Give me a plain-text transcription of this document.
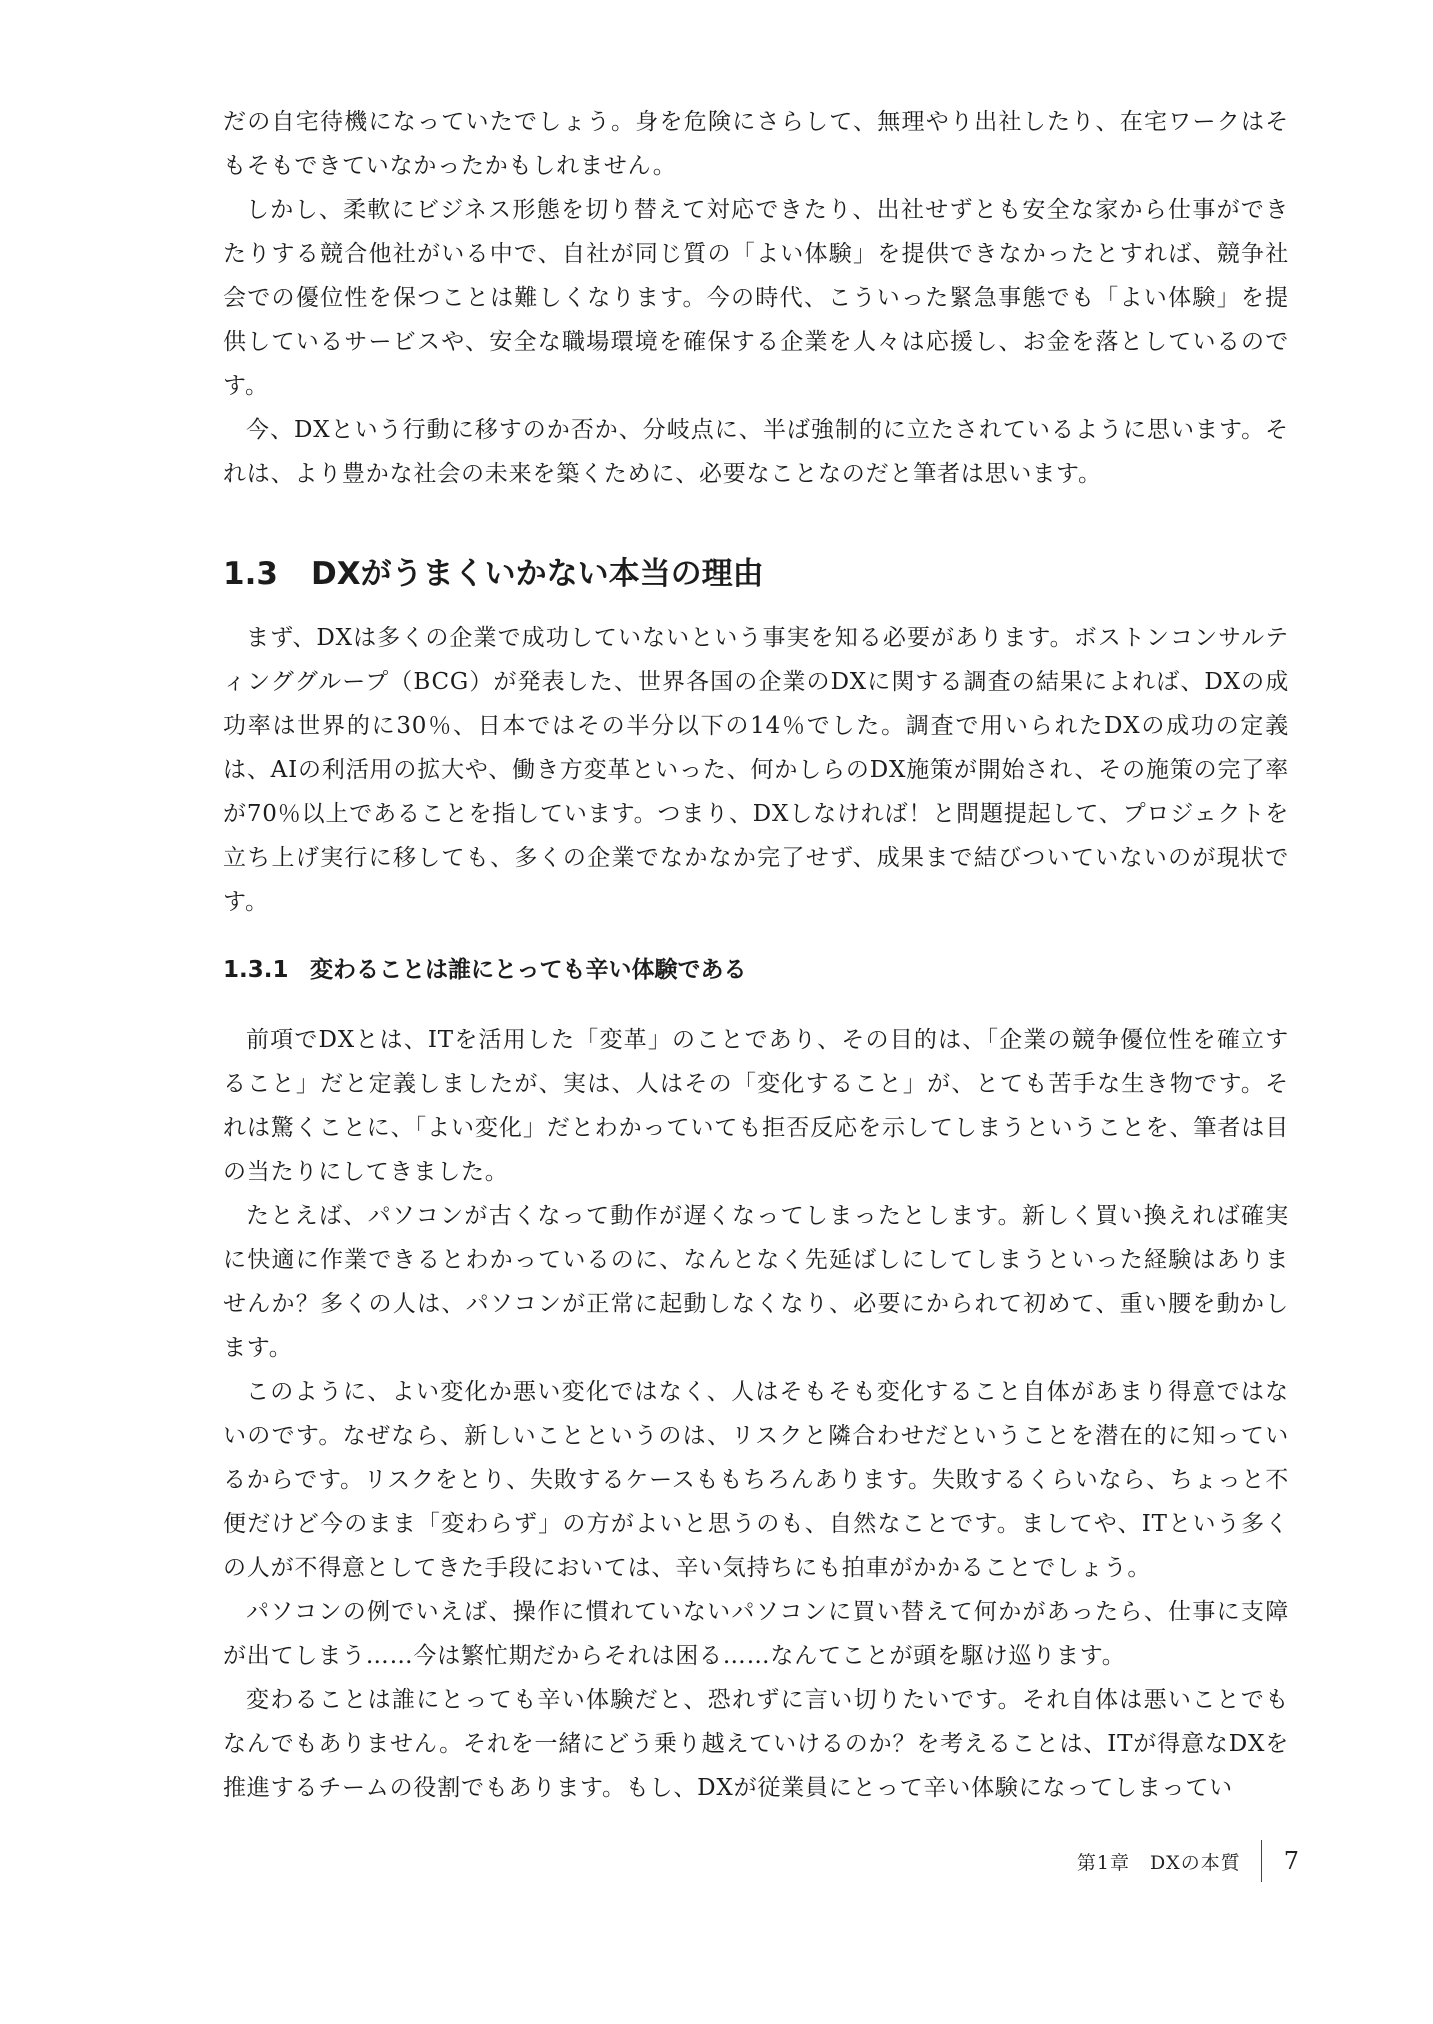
だの自宅待機になっていたでしょう。身を危険にさらして、無理やり出社したり、在宅ワークはそもそもできていなかったかもしれません。

しかし、柔軟にビジネス形態を切り替えて対応できたり、出社せずとも安全な家から仕事ができたりする競合他社がいる中で、自社が同じ質の「よい体験」を提供できなかったとすれば、競争社会での優位性を保つことは難しくなります。今の時代、こういった緊急事態でも「よい体験」を提供しているサービスや、安全な職場環境を確保する企業を人々は応援し、お金を落としているのです。

今、DXという行動に移すのか否か、分岐点に、半ば強制的に立たされているように思います。それは、より豊かな社会の未来を築くために、必要なことなのだと筆者は思います。

1.3	DXがうまくいかない本当の理由

まず、DXは多くの企業で成功していないという事実を知る必要があります。ボストンコンサルティンググループ（BCG）が発表した、世界各国の企業のDXに関する調査の結果によれば、DXの成功率は世界的に30％、日本ではその半分以下の14％でした。調査で用いられたDXの成功の定義は、AIの利活用の拡大や、働き方変革といった、何かしらのDX施策が開始され、その施策の完了率が70％以上であることを指しています。つまり、DXしなければ！と問題提起して、プロジェクトを立ち上げ実行に移しても、多くの企業でなかなか完了せず、成果まで結びついていないのが現状です。

1.3.1 変わることは誰にとっても辛い体験である

前項でDXとは、ITを活用した「変革」のことであり、その目的は、「企業の競争優位性を確立すること」だと定義しましたが、実は、人はその「変化すること」が、とても苦手な生き物です。それは驚くことに、「よい変化」だとわかっていても拒否反応を示してしまうということを、筆者は目の当たりにしてきました。

たとえば、パソコンが古くなって動作が遅くなってしまったとします。新しく買い換えれば確実に快適に作業できるとわかっているのに、なんとなく先延ばしにしてしまうといった経験はありませんか？多くの人は、パソコンが正常に起動しなくなり、必要にかられて初めて、重い腰を動かします。

このように、よい変化か悪い変化ではなく、人はそもそも変化すること自体があまり得意ではないのです。なぜなら、新しいことというのは、リスクと隣合わせだということを潜在的に知っているからです。リスクをとり、失敗するケースももちろんあります。失敗するくらいなら、ちょっと不便だけど今のまま「変わらず」の方がよいと思うのも、自然なことです。ましてや、ITという多くの人が不得意としてきた手段においては、辛い気持ちにも拍車がかかることでしょう。

パソコンの例でいえば、操作に慣れていないパソコンに買い替えて何かがあったら、仕事に支障が出てしまう……今は繁忙期だからそれは困る……なんてことが頭を駆け巡ります。

変わることは誰にとっても辛い体験だと、恐れずに言い切りたいです。それ自体は悪いことでもなんでもありません。それを一緒にどう乗り越えていけるのか？を考えることは、ITが得意なDXを推進するチームの役割でもあります。もし、DXが従業員にとって辛い体験になってしまってい

第1章　DXの本質 7
